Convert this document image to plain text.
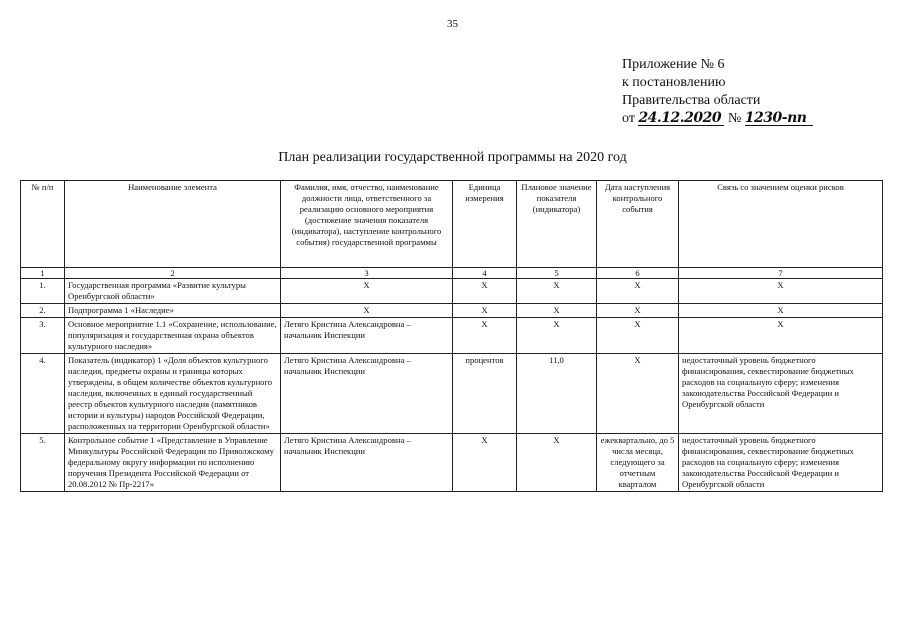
35
Приложение № 6
к постановлению
Правительства области
от 24.12.2020 № 1230-пп
План реализации государственной программы на 2020 год
№ п/п	Наименование элемента	Фамилия, имя, отчество, наименование должности лица, ответственного за реализацию основного мероприятия (достижение значения показателя (индикатора), наступление контрольного события) государственной программы	Единица измерения	Плановое значение показателя (индикатора)	Дата наступления контрольного события	Связь со значением оценки рисков
1	2	3	4	5	6	7
1.	Государственная программа «Развитие культуры Оренбургской области»	X	X	X	X	X
2.	Подпрограмма 1 «Наследие»	X	X	X	X	X
3.	Основное мероприятие 1.1 «Сохранение, использование, популяризация и государственная охрана объектов культурного наследия»	Летяго Кристина Александровна – начальник Инспекции	X	X	X	X
4.	Показатель (индикатор) 1 «Доля объектов культурного наследия, предметы охраны и границы которых утверждены, в общем количестве объектов культурного наследия, включенных в единый государственный реестр объектов культурного наследия (памятников истории и культуры) народов Российской Федерации, расположенных на территории Оренбургской области»	Летяго Кристина Александровна – начальник Инспекции	процентов	11,0	X	недостаточный уровень бюджетного финансирования, секвестирование бюджетных расходов на социальную сферу; изменения законодательства Российской Федерации и Оренбургской области
5.	Контрольное событие 1 «Представление в Управление Минкультуры Российской Федерации по Приволжскому федеральному округу информации по исполнению поручения Президента Российской Федерации от 20.08.2012 № Пр-2217»	Летяго Кристина Александровна – начальник Инспекции	X	X	ежеквартально, до 5 числа месяца, следующего за отчетным кварталом	недостаточный уровень бюджетного финансирования, секвестирование бюджетных расходов на социальную сферу; изменения законодательства Российской Федерации и Оренбургской области
